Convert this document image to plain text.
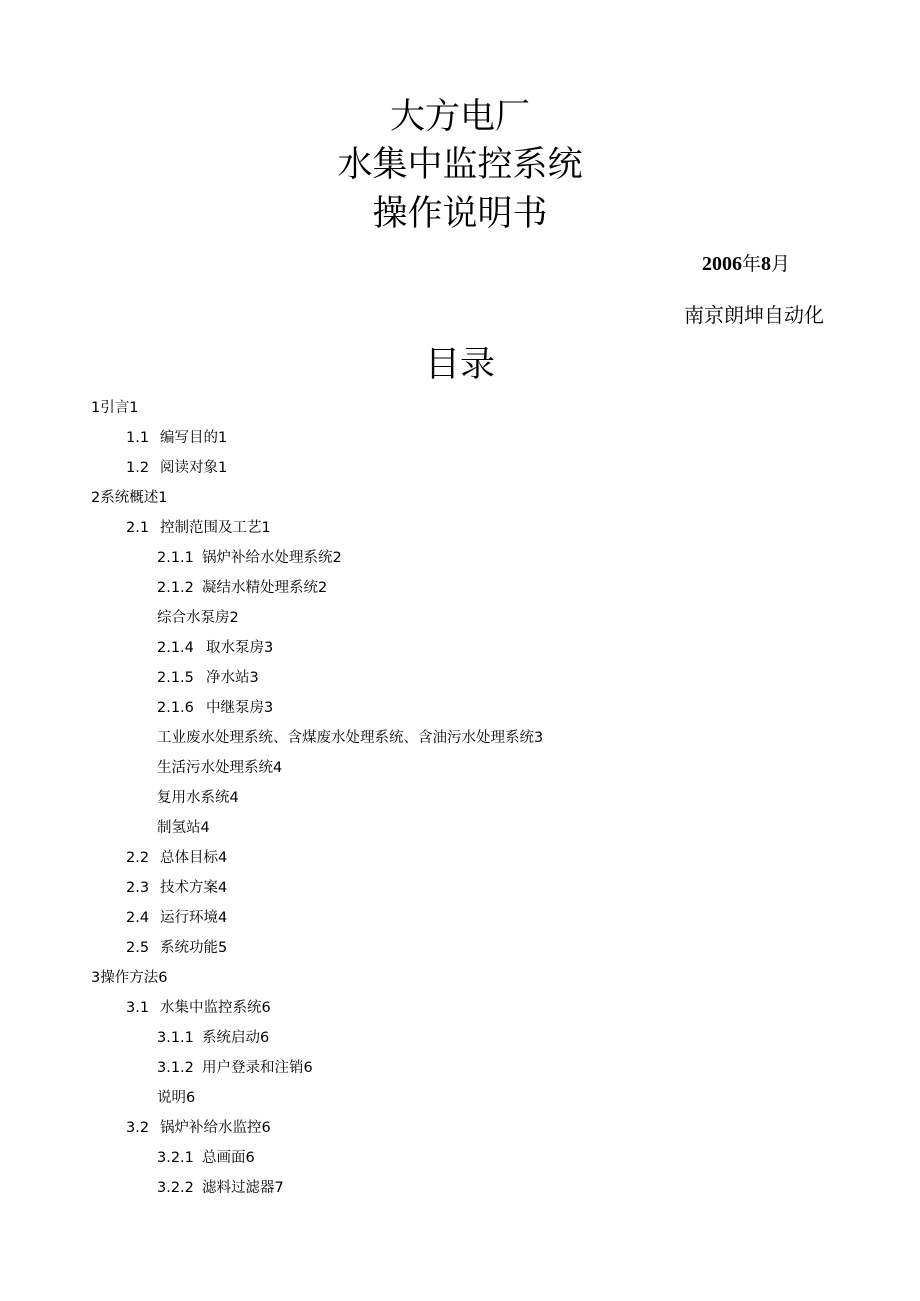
大方电厂
水集中监控系统
操作说明书
2006年8月
南京朗坤自动化
目录
1引言1
1.1 编写目的1
1.2 阅读对象1
2系统概述1
2.1 控制范围及工艺1
2.1.1 锅炉补给水处理系统2
2.1.2 凝结水精处理系统2
综合水泵房2
2.1.4 取水泵房3
2.1.5 净水站3
2.1.6 中继泵房3
工业废水处理系统、含煤废水处理系统、含油污水处理系统3
生活污水处理系统4
复用水系统4
制氢站4
2.2 总体目标4
2.3 技术方案4
2.4 运行环境4
2.5 系统功能5
3操作方法6
3.1 水集中监控系统6
3.1.1 系统启动6
3.1.2 用户登录和注销6
说明6
3.2 锅炉补给水监控6
3.2.1 总画面6
3.2.2 滤料过滤器7
